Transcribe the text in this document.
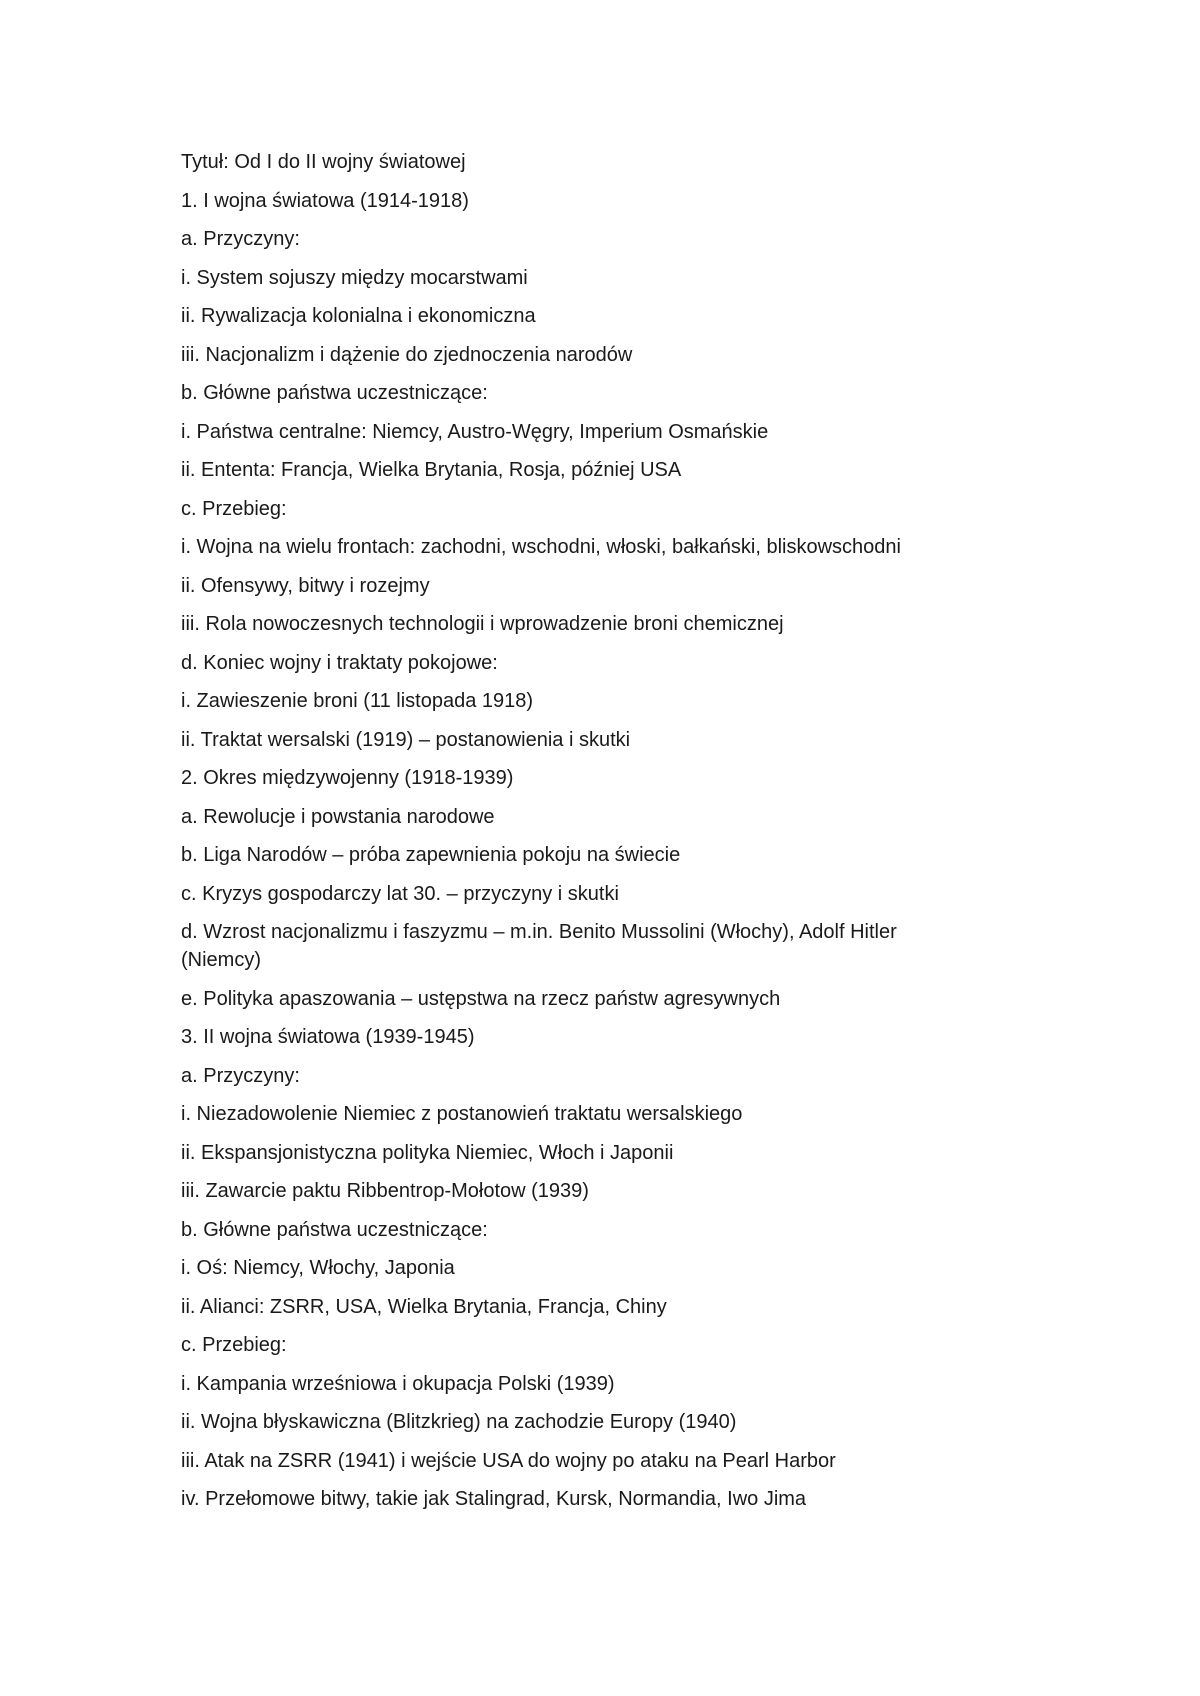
Tytuł: Od I do II wojny światowej

1. I wojna światowa (1914-1918)

a. Przyczyny:

i. System sojuszy między mocarstwami

ii. Rywalizacja kolonialna i ekonomiczna

iii. Nacjonalizm i dążenie do zjednoczenia narodów

b. Główne państwa uczestniczące:

i. Państwa centralne: Niemcy, Austro-Węgry, Imperium Osmańskie

ii. Ententa: Francja, Wielka Brytania, Rosja, później USA

c. Przebieg:

i. Wojna na wielu frontach: zachodni, wschodni, włoski, bałkański, bliskowschodni

ii. Ofensywy, bitwy i rozejmy

iii. Rola nowoczesnych technologii i wprowadzenie broni chemicznej

d. Koniec wojny i traktaty pokojowe:

i. Zawieszenie broni (11 listopada 1918)

ii. Traktat wersalski (1919) – postanowienia i skutki

2. Okres międzywojenny (1918-1939)

a. Rewolucje i powstania narodowe

b. Liga Narodów – próba zapewnienia pokoju na świecie

c. Kryzys gospodarczy lat 30. – przyczyny i skutki

d. Wzrost nacjonalizmu i faszyzmu – m.in. Benito Mussolini (Włochy), Adolf Hitler (Niemcy)

e. Polityka apaszowania – ustępstwa na rzecz państw agresywnych

3. II wojna światowa (1939-1945)

a. Przyczyny:

i. Niezadowolenie Niemiec z postanowień traktatu wersalskiego

ii. Ekspansjonistyczna polityka Niemiec, Włoch i Japonii

iii. Zawarcie paktu Ribbentrop-Mołotow (1939)

b. Główne państwa uczestniczące:

i. Oś: Niemcy, Włochy, Japonia

ii. Alianci: ZSRR, USA, Wielka Brytania, Francja, Chiny

c. Przebieg:

i. Kampania wrześniowa i okupacja Polski (1939)

ii. Wojna błyskawiczna (Blitzkrieg) na zachodzie Europy (1940)

iii. Atak na ZSRR (1941) i wejście USA do wojny po ataku na Pearl Harbor

iv. Przełomowe bitwy, takie jak Stalingrad, Kursk, Normandia, Iwo Jima
